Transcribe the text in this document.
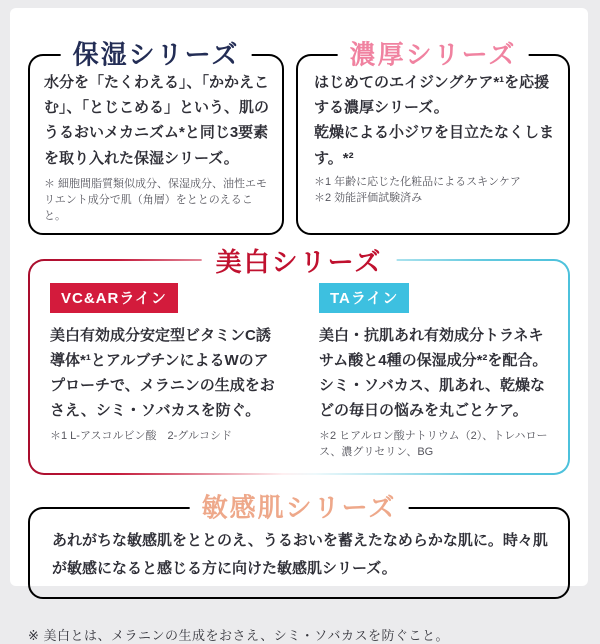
保湿シリーズ
水分を「たくわえる」、「かかえこむ」、「とじこめる」という、肌のうるおいメカニズム*と同じ3要素を取り入れた保湿シリーズ。
＊ 細胞間脂質類似成分、保湿成分、油性エモリエント成分で肌（角層）をととのえること。
濃厚シリーズ
はじめてのエイジングケア*¹を応援する濃厚シリーズ。
乾燥による小ジワを目立たなくします。*²
＊1 年齢に応じた化粧品によるスキンケア
＊2 効能評価試験済み
美白シリーズ
VC&ARライン
美白有効成分安定型ビタミンC誘導体*¹とアルブチンによるWのアプローチで、メラニンの生成をおさえ、シミ・ソバカスを防ぐ。
＊1 L-アスコルビン酸　2-グルコシド
TAライン
美白・抗肌あれ有効成分トラネキサム酸と4種の保湿成分*²を配合。
シミ・ソバカス、肌あれ、乾燥などの毎日の悩みを丸ごとケア。
＊2 ヒアルロン酸ナトリウム（2）、トレハロース、濃グリセリン、BG
敏感肌シリーズ
あれがちな敏感肌をととのえ、うるおいを蓄えたなめらかな肌に。時々肌が敏感になると感じる方に向けた敏感肌シリーズ。
※ 美白とは、メラニンの生成をおさえ、シミ・ソバカスを防ぐこと。
